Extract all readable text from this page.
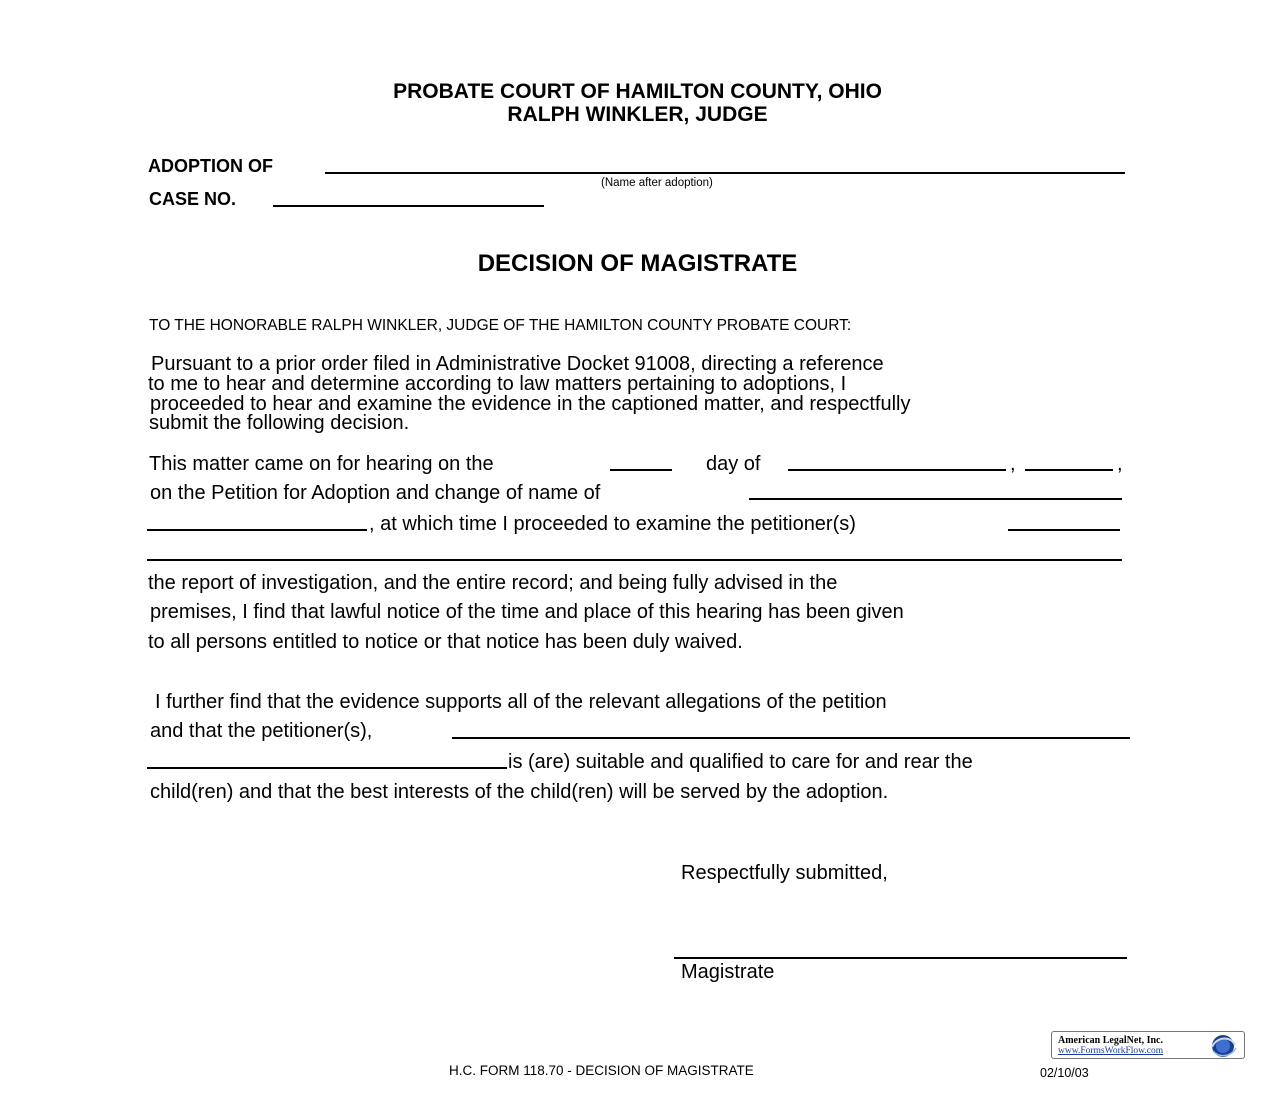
PROBATE COURT OF HAMILTON COUNTY, OHIO
RALPH WINKLER, JUDGE
ADOPTION OF
(Name after adoption)
CASE NO.
DECISION OF MAGISTRATE
TO THE HONORABLE RALPH WINKLER, JUDGE OF THE HAMILTON COUNTY PROBATE COURT:
Pursuant to a prior order filed in Administrative Docket 91008, directing a reference
to me to hear and determine according to law matters pertaining to adoptions, I
proceeded to hear and examine the evidence in the captioned matter, and respectfully
submit the following decision.
This matter came on for hearing on the	day of	,	,
on the Petition for Adoption and change of name of
, at which time I proceeded to examine the petitioner(s)
the report of investigation, and the entire record; and being fully advised in the
premises, I find that lawful notice of the time and place of this hearing has been given
to all persons entitled to notice or that notice has been duly waived.
I further find that the evidence supports all of the relevant allegations of the petition
and that the petitioner(s),
is (are) suitable and qualified to care for and rear the
child(ren) and that the best interests of the child(ren) will be served by the adoption.
Respectfully submitted,
Magistrate
H.C. FORM 118.70 - DECISION OF MAGISTRATE	02/10/03
American LegalNet, Inc.
www.FormsWorkFlow.com
